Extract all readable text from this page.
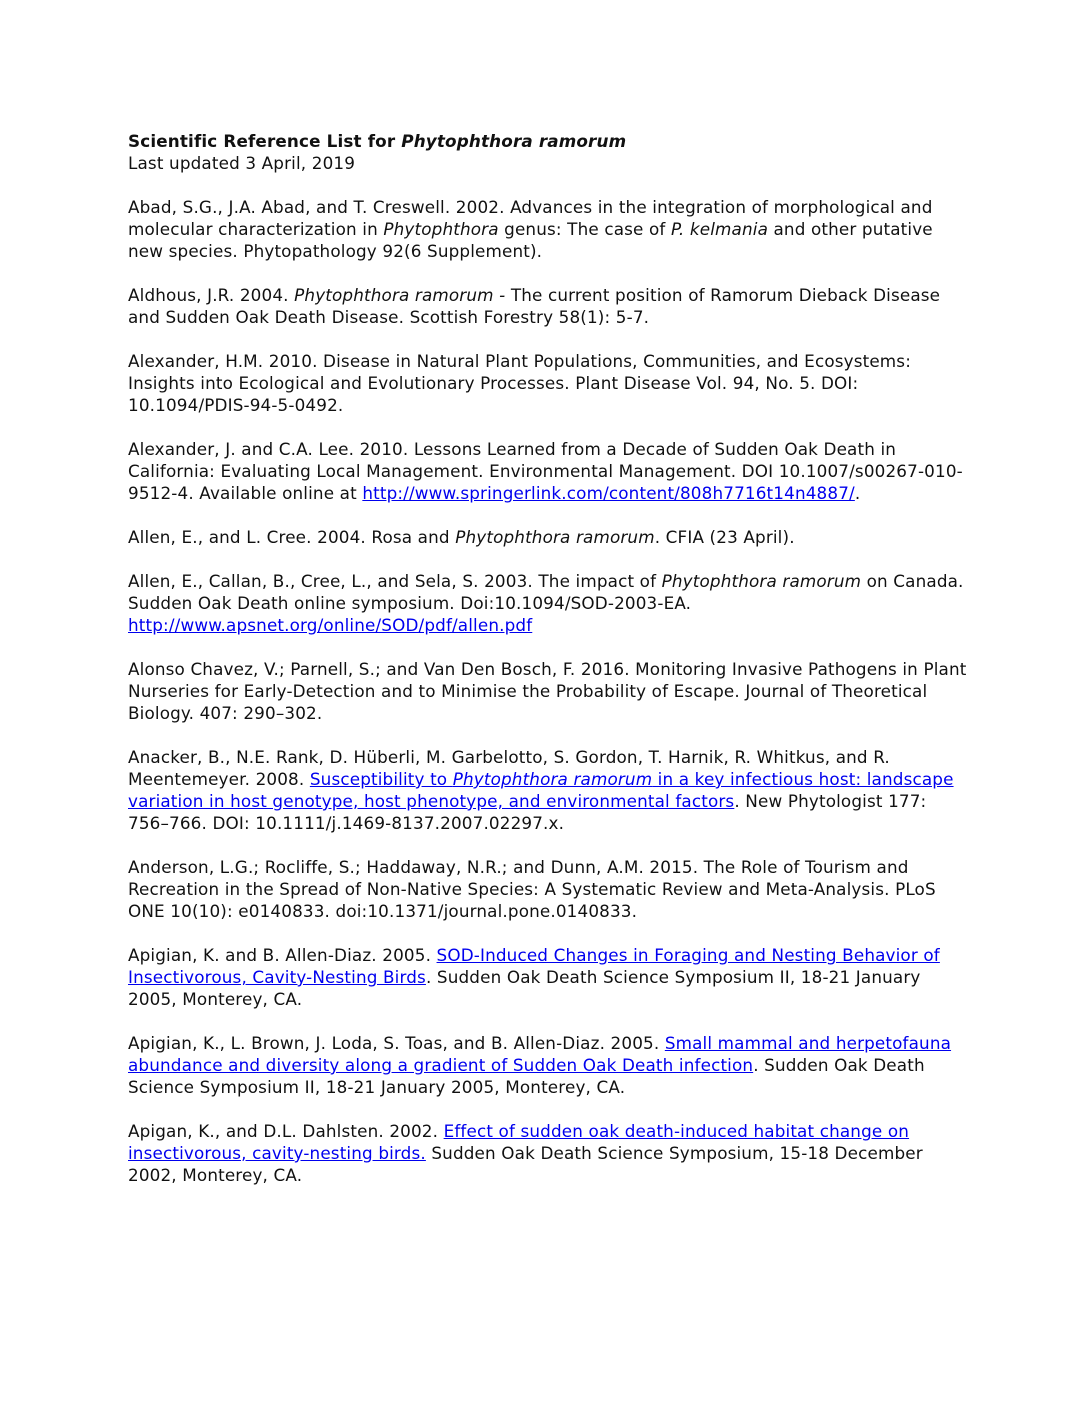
Scientific Reference List for Phytophthora ramorum

Last updated 3 April, 2019

Abad, S.G., J.A. Abad, and T. Creswell. 2002. Advances in the integration of morphological and molecular characterization in Phytophthora genus: The case of P. kelmania and other putative new species. Phytopathology 92(6 Supplement).

Aldhous, J.R. 2004. Phytophthora ramorum - The current position of Ramorum Dieback Disease and Sudden Oak Death Disease. Scottish Forestry 58(1): 5-7.

Alexander, H.M. 2010. Disease in Natural Plant Populations, Communities, and Ecosystems: Insights into Ecological and Evolutionary Processes. Plant Disease Vol. 94, No. 5. DOI: 10.1094/PDIS-94-5-0492.

Alexander, J. and C.A. Lee. 2010. Lessons Learned from a Decade of Sudden Oak Death in California: Evaluating Local Management. Environmental Management. DOI 10.1007/s00267-010-9512-4. Available online at http://www.springerlink.com/content/808h7716t14n4887/.

Allen, E., and L. Cree. 2004. Rosa and Phytophthora ramorum. CFIA (23 April).

Allen, E., Callan, B., Cree, L., and Sela, S. 2003. The impact of Phytophthora ramorum on Canada. Sudden Oak Death online symposium. Doi:10.1094/SOD-2003-EA. http://www.apsnet.org/online/SOD/pdf/allen.pdf

Alonso Chavez, V.; Parnell, S.; and Van Den Bosch, F. 2016. Monitoring Invasive Pathogens in Plant Nurseries for Early-Detection and to Minimise the Probability of Escape. Journal of Theoretical Biology. 407: 290–302.

Anacker, B., N.E. Rank, D. Hüberli, M. Garbelotto, S. Gordon, T. Harnik, R. Whitkus, and R. Meentemeyer. 2008. Susceptibility to Phytophthora ramorum in a key infectious host: landscape variation in host genotype, host phenotype, and environmental factors. New Phytologist 177: 756–766. DOI: 10.1111/j.1469-8137.2007.02297.x.

Anderson, L.G.; Rocliffe, S.; Haddaway, N.R.; and Dunn, A.M. 2015. The Role of Tourism and Recreation in the Spread of Non-Native Species: A Systematic Review and Meta-Analysis. PLoS ONE 10(10): e0140833. doi:10.1371/journal.pone.0140833.

Apigian, K. and B. Allen-Diaz. 2005. SOD-Induced Changes in Foraging and Nesting Behavior of Insectivorous, Cavity-Nesting Birds. Sudden Oak Death Science Symposium II, 18-21 January 2005, Monterey, CA.

Apigian, K., L. Brown, J. Loda, S. Toas, and B. Allen-Diaz. 2005. Small mammal and herpetofauna abundance and diversity along a gradient of Sudden Oak Death infection. Sudden Oak Death Science Symposium II, 18-21 January 2005, Monterey, CA.

Apigan, K., and D.L. Dahlsten. 2002. Effect of sudden oak death-induced habitat change on insectivorous, cavity-nesting birds. Sudden Oak Death Science Symposium, 15-18 December 2002, Monterey, CA.
